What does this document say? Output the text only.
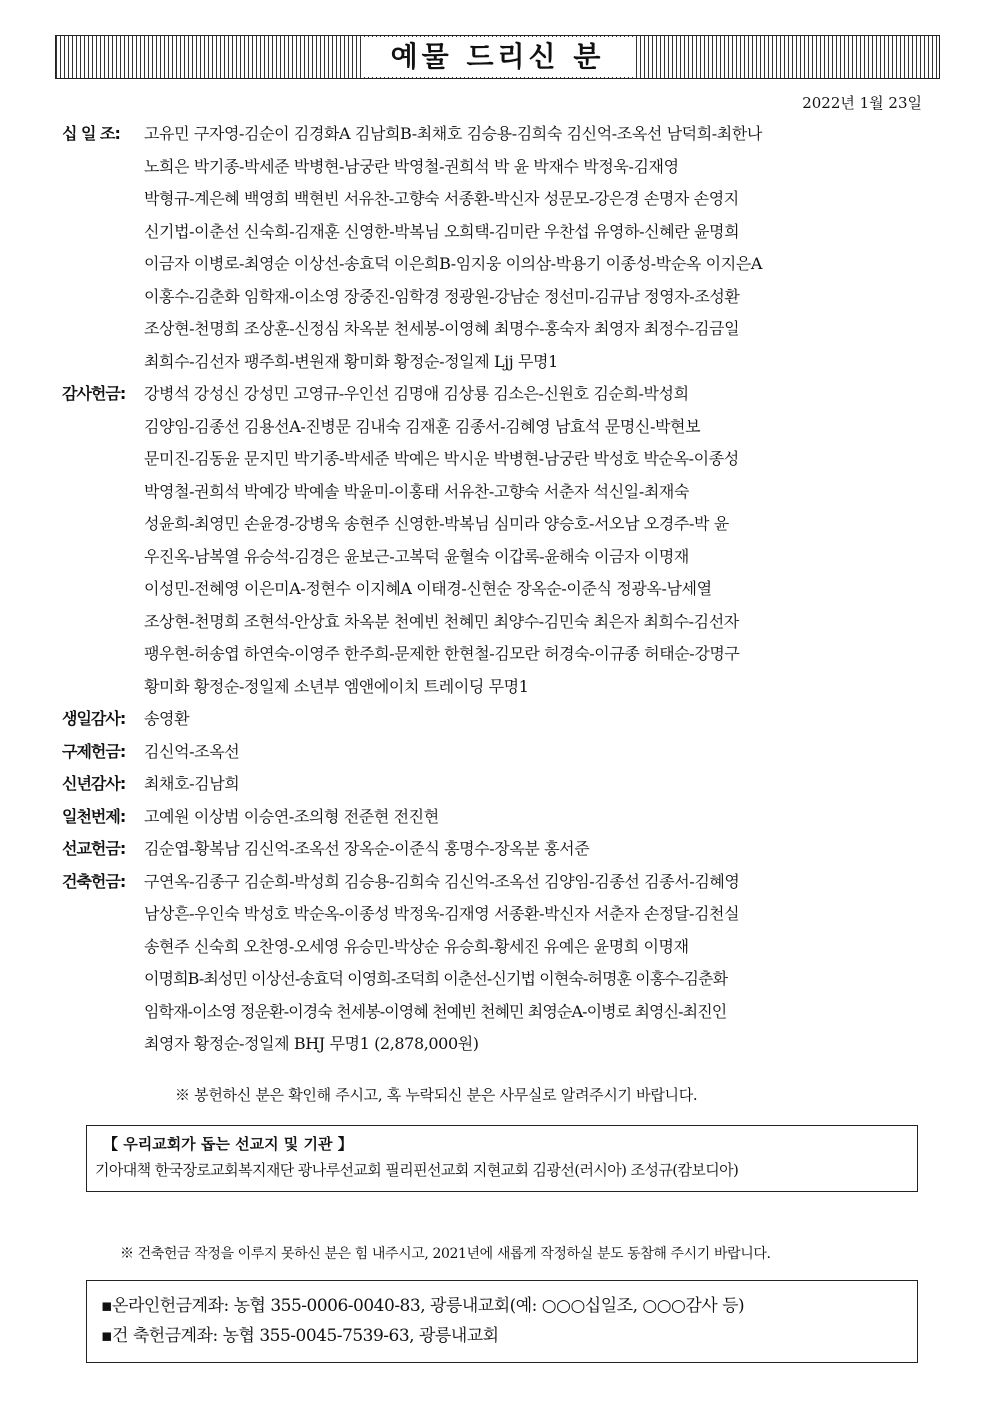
예물 드리신 분
2022년 1월 23일
십 일 조:	고유민 구자영-김순이 김경화A 김남희B-최채호 김승용-김희숙 김신억-조옥선 남덕희-최한나
노희은 박기종-박세준 박병현-남궁란 박영철-권희석 박 윤 박재수 박정욱-김재영
박형규-계은혜 백영희 백현빈 서유찬-고향숙 서종환-박신자 성문모-강은경 손명자 손영지
신기법-이춘선 신숙희-김재훈 신영한-박복님 오희택-김미란 우찬섭 유영하-신혜란 윤명희
이금자 이병로-최영순 이상선-송효덕 이은희B-임지웅 이의삼-박용기 이종성-박순옥 이지은A
이홍수-김춘화 임학재-이소영 장중진-임학경 정광원-강남순 정선미-김규남 정영자-조성환
조상현-천명희 조상훈-신정심 차옥분 천세봉-이영혜 최명수-홍숙자 최영자 최정수-김금일
최희수-김선자 팽주희-변원재 황미화 황정순-정일제 Ljj 무명1
감사헌금:	강병석 강성신 강성민 고영규-우인선 김명애 김상룡 김소은-신원호 김순희-박성희
김양임-김종선 김용선A-진병문 김내숙 김재훈 김종서-김혜영 남효석 문명신-박현보
문미진-김동윤 문지민 박기종-박세준 박예은 박시운 박병현-남궁란 박성호 박순옥-이종성
박영철-권희석 박예강 박예솔 박윤미-이홍태 서유찬-고향숙 서춘자 석신일-최재숙
성윤희-최영민 손윤경-강병욱 송현주 신영한-박복님 심미라 양승호-서오남 오경주-박 윤
우진옥-남복열 유승석-김경은 윤보근-고복덕 윤혈숙 이갑록-윤해숙 이금자 이명재
이성민-전혜영 이은미A-정현수 이지혜A 이태경-신현순 장옥순-이준식 정광옥-남세열
조상현-천명희 조현석-안상효 차옥분 천예빈 천혜민 최양수-김민숙 최은자 최희수-김선자
팽우현-허송엽 하연숙-이영주 한주희-문제한 한현철-김모란 허경숙-이규종 허태순-강명구
황미화 황정순-정일제 소년부 엠앤에이치 트레이딩 무명1
생일감사:	송영환
구제헌금:	김신억-조옥선
신년감사:	최채호-김남희
일천번제:	고예원 이상범 이승연-조의형 전준현 전진현
선교헌금:	김순엽-황복남 김신억-조옥선 장옥순-이준식 홍명수-장옥분 홍서준
건축헌금:	구연옥-김종구 김순희-박성희 김승용-김희숙 김신억-조옥선 김양임-김종선 김종서-김혜영
남상흔-우인숙 박성호 박순옥-이종성 박정욱-김재영 서종환-박신자 서춘자 손정달-김천실
송현주 신숙희 오찬영-오세영 유승민-박상순 유승희-황세진 유예은 윤명희 이명재
이명희B-최성민 이상선-송효덕 이영희-조덕희 이춘선-신기법 이현숙-허명훈 이홍수-김춘화
임학재-이소영 정운환-이경숙 천세봉-이영혜 천예빈 천혜민 최영순A-이병로 최영신-최진인
최영자 황정순-정일제 BHJ 무명1 (2,878,000원)
※ 봉헌하신 분은 확인해 주시고, 혹 누락되신 분은 사무실로 알려주시기 바랍니다.
【 우리교회가 돕는 선교지 및 기관 】
기아대책 한국장로교회복지재단 광나루선교회 필리핀선교회 지현교회 김광선(러시아) 조성규(캄보디아)
※ 건축헌금 작정을 이루지 못하신 분은 힘 내주시고, 2021년에 새롭게 작정하실 분도 동참해 주시기 바랍니다.
▪온라인헌금계좌: 농협 355-0006-0040-83, 광릉내교회(예: ○○○십일조, ○○○감사 등)
▪건 축헌금계좌: 농협 355-0045-7539-63, 광릉내교회
